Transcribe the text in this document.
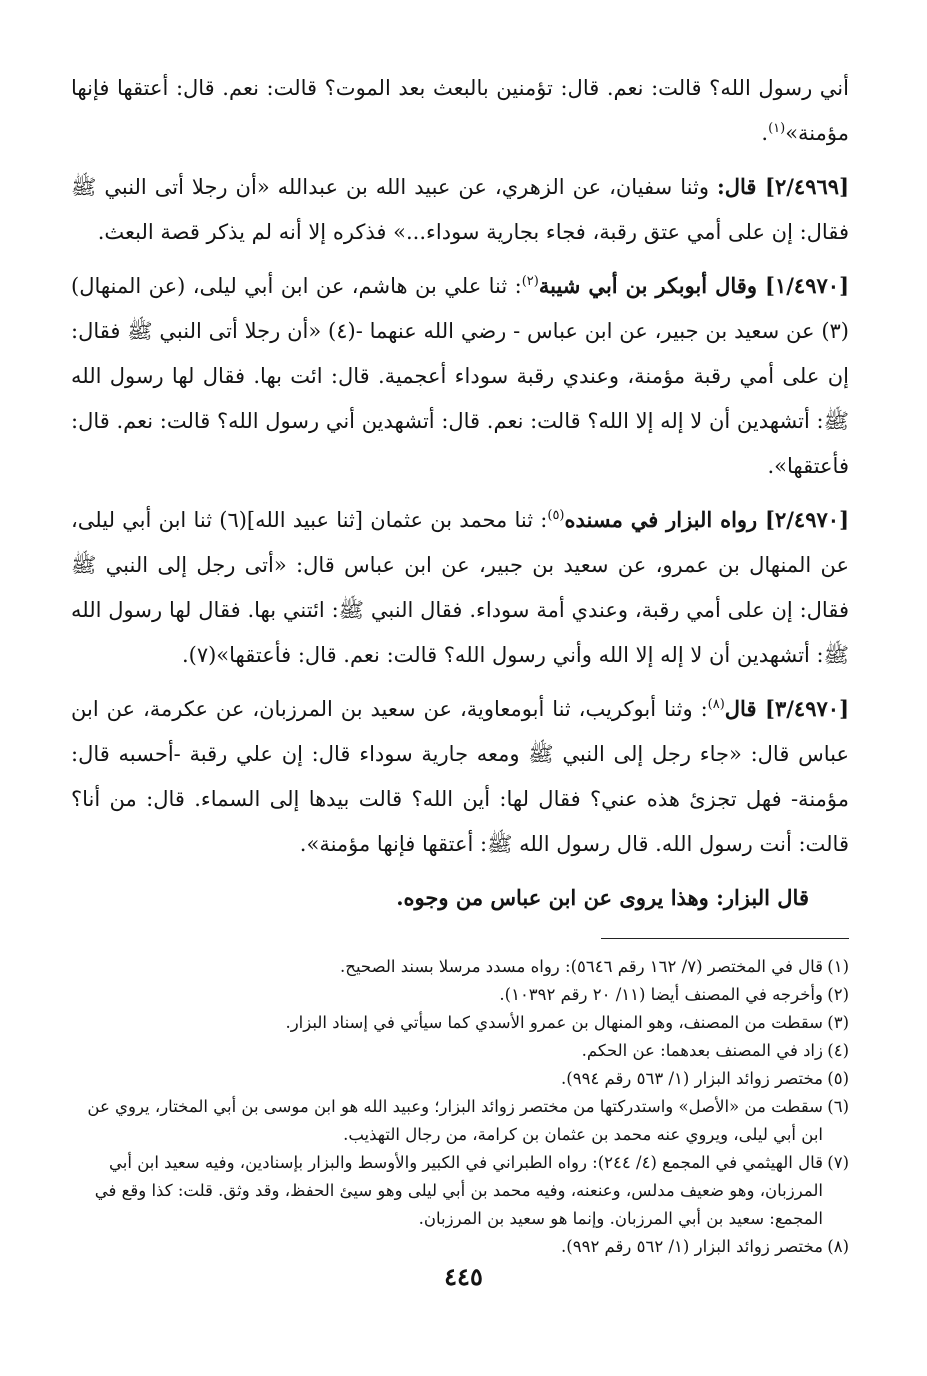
أني رسول الله؟ قالت: نعم. قال: تؤمنين بالبعث بعد الموت؟ قالت: نعم. قال: أعتقها فإنها مؤمنة»$^{(١)}$.

[٢/٤٩٦٩] قال: وثنا سفيان، عن الزهري، عن عبيد الله بن عبدالله «أن رجلا أتى النبي ﷺ فقال: إن على أمي عتق رقبة، فجاء بجارية سوداء...» فذكره إلا أنه لم يذكر قصة البعث.

[١/٤٩٧٠] وقال أبوبكر بن أبي شيبة$^{(٢)}$: ثنا علي بن هاشم، عن ابن أبي ليلى، (عن المنهال)(٣) عن سعيد بن جبير، عن ابن عباس - رضي الله عنهما -(٤) «أن رجلا أتى النبي ﷺ فقال: إن على أمي رقبة مؤمنة، وعندي رقبة سوداء أعجمية. قال: ائت بها. فقال لها رسول الله ﷺ: أتشهدين أن لا إله إلا الله؟ قالت: نعم. قال: أتشهدين أني رسول الله؟ قالت: نعم. قال: فأعتقها».

[٢/٤٩٧٠] رواه البزار في مسنده$^{(٥)}$: ثنا محمد بن عثمان [ثنا عبيد الله](٦) ثنا ابن أبي ليلى، عن المنهال بن عمرو، عن سعيد بن جبير، عن ابن عباس قال: «أتى رجل إلى النبي ﷺ فقال: إن على أمي رقبة، وعندي أمة سوداء. فقال النبي ﷺ: ائتني بها. فقال لها رسول الله ﷺ: أتشهدين أن لا إله إلا الله وأني رسول الله؟ قالت: نعم. قال: فأعتقها»(٧).

[٣/٤٩٧٠] قال$^{(٨)}$: وثنا أبوكريب، ثنا أبومعاوية، عن سعيد بن المرزبان، عن عكرمة، عن ابن عباس قال: «جاء رجل إلى النبي ﷺ ومعه جارية سوداء قال: إن علي رقبة -أحسبه قال: مؤمنة- فهل تجزئ هذه عني؟ فقال لها: أين الله؟ قالت بيدها إلى السماء. قال: من أنا؟ قالت: أنت رسول الله. قال رسول الله ﷺ: أعتقها فإنها مؤمنة».

قال البزار: وهذا يروى عن ابن عباس من وجوه.

(١)قال في المختصر (٧/ ١٦٢ رقم ٥٦٤٦): رواه مسدد مرسلا بسند الصحيح.
(٢)وأخرجه في المصنف أيضا (١١/ ٢٠ رقم ١٠٣٩٢).
(٣)سقطت من المصنف، وهو المنهال بن عمرو الأسدي كما سيأتي في إسناد البزار.
(٤)زاد في المصنف بعدهما: عن الحكم.
(٥)مختصر زوائد البزار (١/ ٥٦٣ رقم ٩٩٤).
(٦)سقطت من «الأصل» واستدركتها من مختصر زوائد البزار؛ وعبيد الله هو ابن موسى بن أبي المختار، يروي عن ابن أبي ليلى، ويروي عنه محمد بن عثمان بن كرامة، من رجال التهذيب.
(٧)قال الهيثمي في المجمع (٤/ ٢٤٤): رواه الطبراني في الكبير والأوسط والبزار بإسنادين، وفيه سعيد ابن أبي المرزبان، وهو ضعيف مدلس، وعنعنه، وفيه محمد بن أبي ليلى وهو سيئ الحفظ، وقد وثق. قلت: كذا وقع في المجمع: سعيد بن أبي المرزبان. وإنما هو سعيد بن المرزبان.
(٨)مختصر زوائد البزار (١/ ٥٦٢ رقم ٩٩٢).
٤٤٥
